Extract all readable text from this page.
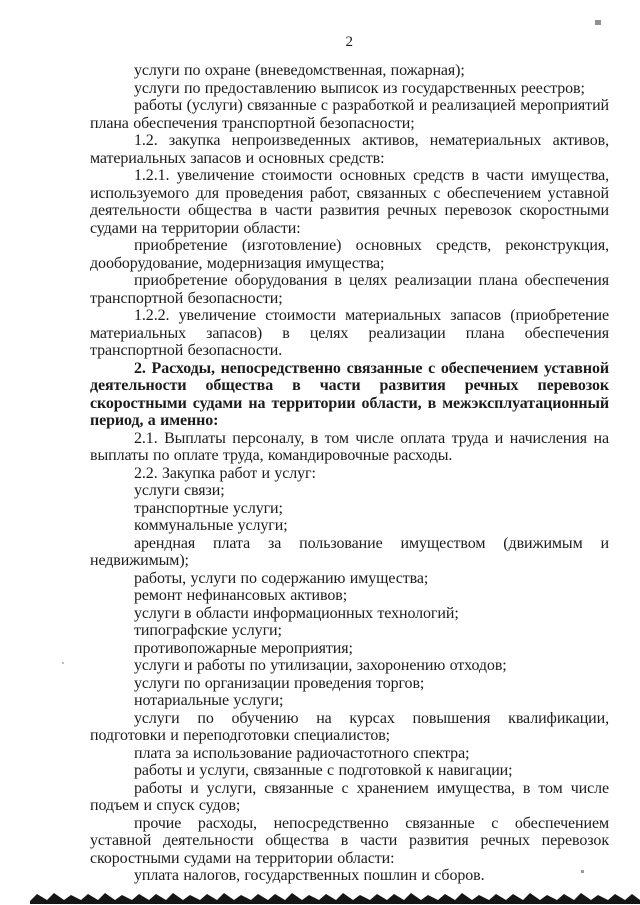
2

услуги по охране (вневедомственная, пожарная);

услуги по предоставлению выписок из государственных реестров;

работы (услуги) связанные с разработкой и реализацией мероприятий плана обеспечения транспортной безопасности;

1.2. закупка непроизведенных активов, нематериальных активов, материальных запасов и основных средств:

1.2.1. увеличение стоимости основных средств в части имущества, используемого для проведения работ, связанных с обеспечением уставной деятельности общества в части развития речных перевозок скоростными судами на территории области:

приобретение (изготовление) основных средств, реконструкция, дооборудование, модернизация имущества;

приобретение оборудования в целях реализации плана обеспечения транспортной безопасности;

1.2.2. увеличение стоимости материальных запасов (приобретение материальных запасов) в целях реализации плана обеспечения транспортной безопасности.

2. Расходы, непосредственно связанные с обеспечением уставной деятельности общества в части развития речных перевозок скоростными судами на территории области, в межэксплуатационный период, а именно:

2.1. Выплаты персоналу, в том числе оплата труда и начисления на выплаты по оплате труда, командировочные расходы.

2.2. Закупка работ и услуг:

услуги связи;

транспортные услуги;

коммунальные услуги;

арендная плата за пользование имуществом (движимым и недвижимым);

работы, услуги по содержанию имущества;

ремонт нефинансовых активов;

услуги в области информационных технологий;

типографские услуги;

противопожарные мероприятия;

услуги и работы по утилизации, захоронению отходов;

услуги по организации проведения торгов;

нотариальные услуги;

услуги по обучению на курсах повышения квалификации, подготовки и переподготовки специалистов;

плата за использование радиочастотного спектра;

работы и услуги, связанные с подготовкой к навигации;

работы и услуги, связанные с хранением имущества, в том числе подъем и спуск судов;

прочие расходы, непосредственно связанные с обеспечением уставной деятельности общества в части развития речных перевозок скоростными судами на территории области:

уплата налогов, государственных пошлин и сборов.
